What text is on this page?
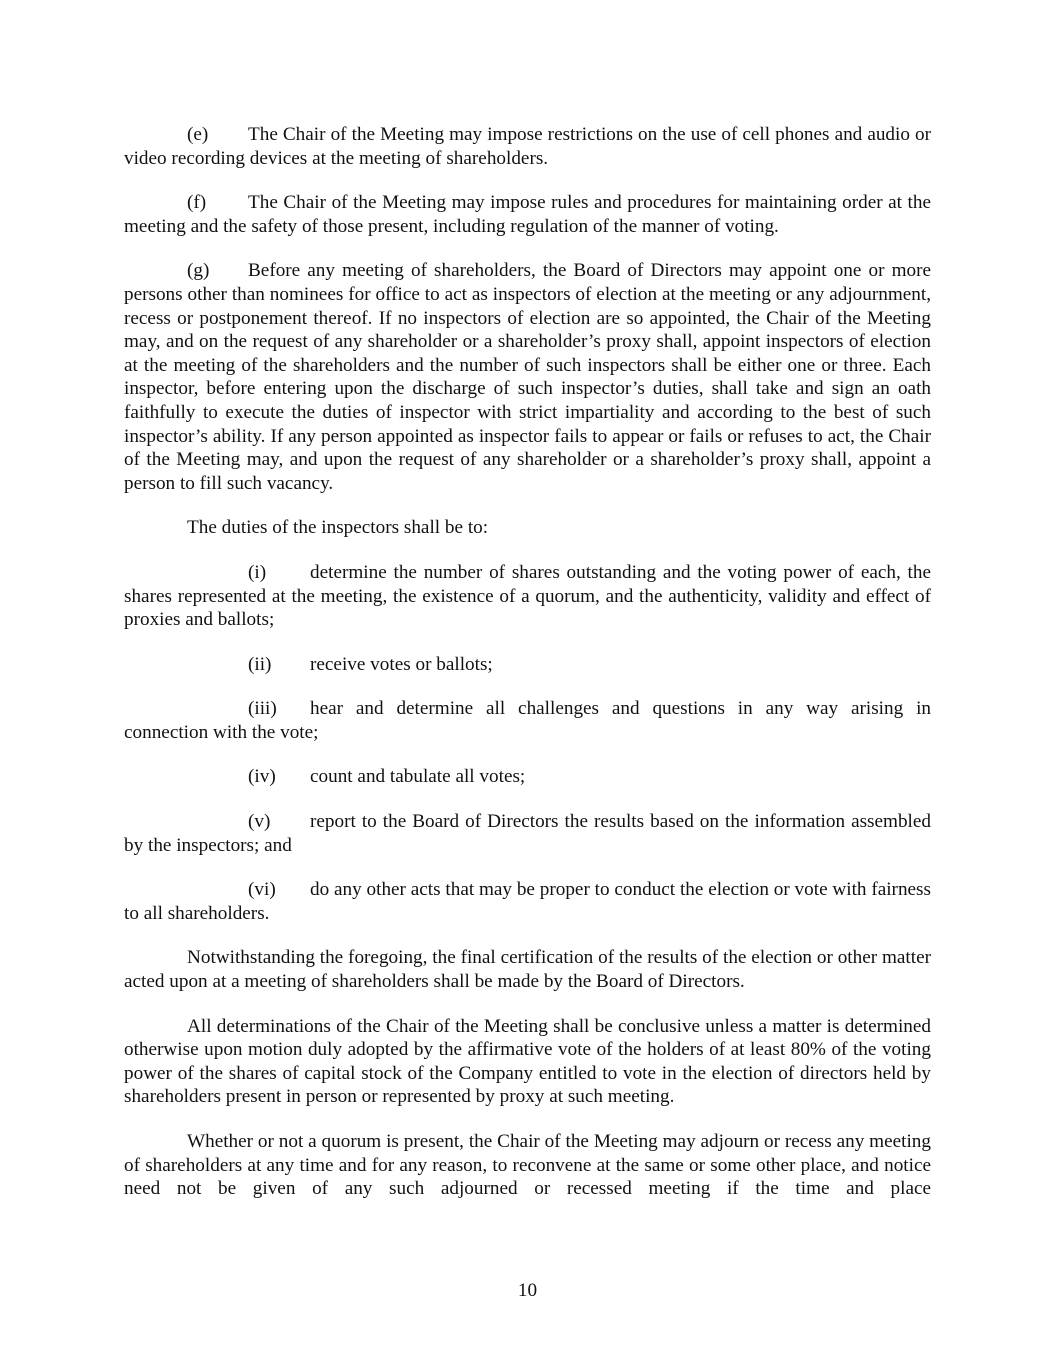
(e) The Chair of the Meeting may impose restrictions on the use of cell phones and audio or video recording devices at the meeting of shareholders.

(f) The Chair of the Meeting may impose rules and procedures for maintaining order at the meeting and the safety of those present, including regulation of the manner of voting.

(g) Before any meeting of shareholders, the Board of Directors may appoint one or more persons other than nominees for office to act as inspectors of election at the meeting or any adjournment, recess or postponement thereof. If no inspectors of election are so appointed, the Chair of the Meeting may, and on the request of any shareholder or a shareholder’s proxy shall, appoint inspectors of election at the meeting of the shareholders and the number of such inspectors shall be either one or three. Each inspector, before entering upon the discharge of such inspector’s duties, shall take and sign an oath faithfully to execute the duties of inspector with strict impartiality and according to the best of such inspector’s ability. If any person appointed as inspector fails to appear or fails or refuses to act, the Chair of the Meeting may, and upon the request of any shareholder or a shareholder’s proxy shall, appoint a person to fill such vacancy.

The duties of the inspectors shall be to:

(i) determine the number of shares outstanding and the voting power of each, the shares represented at the meeting, the existence of a quorum, and the authenticity, validity and effect of proxies and ballots;

(ii) receive votes or ballots;

(iii) hear and determine all challenges and questions in any way arising in connection with the vote;

(iv) count and tabulate all votes;

(v) report to the Board of Directors the results based on the information assembled by the inspectors; and

(vi) do any other acts that may be proper to conduct the election or vote with fairness to all shareholders.

Notwithstanding the foregoing, the final certification of the results of the election or other matter acted upon at a meeting of shareholders shall be made by the Board of Directors.

All determinations of the Chair of the Meeting shall be conclusive unless a matter is determined otherwise upon motion duly adopted by the affirmative vote of the holders of at least 80% of the voting power of the shares of capital stock of the Company entitled to vote in the election of directors held by shareholders present in person or represented by proxy at such meeting.

Whether or not a quorum is present, the Chair of the Meeting may adjourn or recess any meeting of shareholders at any time and for any reason, to reconvene at the same or some other place, and notice need not be given of any such adjourned or recessed meeting if the time and place

10
